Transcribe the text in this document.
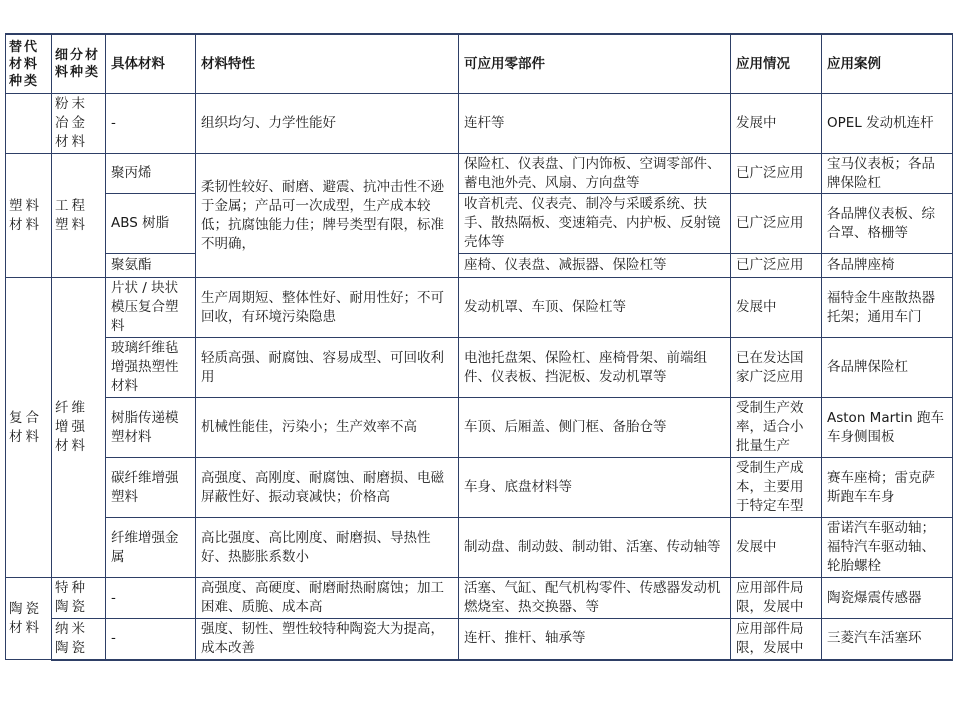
替代材料种类	细分材料种类	具体材料	材料特性	可应用零部件	应用情况	应用案例
	粉末冶金材料	-	组织均匀、力学性能好	连杆等	发展中	OPEL 发动机连杆
塑料材料	工程塑料	聚丙烯	柔韧性较好、耐磨、避震、抗冲击性不逊于金属；产品可一次成型，生产成本较低；抗腐蚀能力佳；牌号类型有限，标准不明确，	保险杠、仪表盘、门内饰板、空调零部件、蓄电池外壳、风扇、方向盘等	已广泛应用	宝马仪表板；各品牌保险杠
		ABS 树脂		收音机壳、仪表壳、制冷与采暖系统、扶手、散热隔板、变速箱壳、内护板、反射镜壳体等	已广泛应用	各品牌仪表板、综合罩、格栅等
		聚氨酯		座椅、仪表盘、减振器、保险杠等	已广泛应用	各品牌座椅
复合材料	纤维增强材料	片状 / 块状模压复合塑料	生产周期短、整体性好、耐用性好；不可回收，有环境污染隐患	发动机罩、车顶、保险杠等	发展中	福特金牛座散热器托架；通用车门
		玻璃纤维毡增强热塑性材料	轻质高强、耐腐蚀、容易成型、可回收利用	电池托盘架、保险杠、座椅骨架、前端组件、仪表板、挡泥板、发动机罩等	已在发达国家广泛应用	各品牌保险杠
		树脂传递模塑材料	机械性能佳，污染小；生产效率不高	车顶、后厢盖、侧门框、备胎仓等	受制生产效率，适合小批量生产	Aston Martin 跑车车身侧围板
		碳纤维增强塑料	高强度、高刚度、耐腐蚀、耐磨损、电磁屏蔽性好、振动衰减快；价格高	车身、底盘材料等	受制生产成本，主要用于特定车型	赛车座椅；雷克萨斯跑车车身
		纤维增强金属	高比强度、高比刚度、耐磨损、导热性好、热膨胀系数小	制动盘、制动鼓、制动钳、活塞、传动轴等	发展中	雷诺汽车驱动轴；福特汽车驱动轴、轮胎螺栓
陶瓷材料	特种陶瓷	-	高强度、高硬度、耐磨耐热耐腐蚀；加工困难、质脆、成本高	活塞、气缸、配气机构零件、传感器发动机燃烧室、热交换器、等	应用部件局限，发展中	陶瓷爆震传感器
	纳米陶瓷	-	强度、韧性、塑性较特种陶瓷大为提高，成本改善	连杆、推杆、轴承等	应用部件局限，发展中	三菱汽车活塞环
